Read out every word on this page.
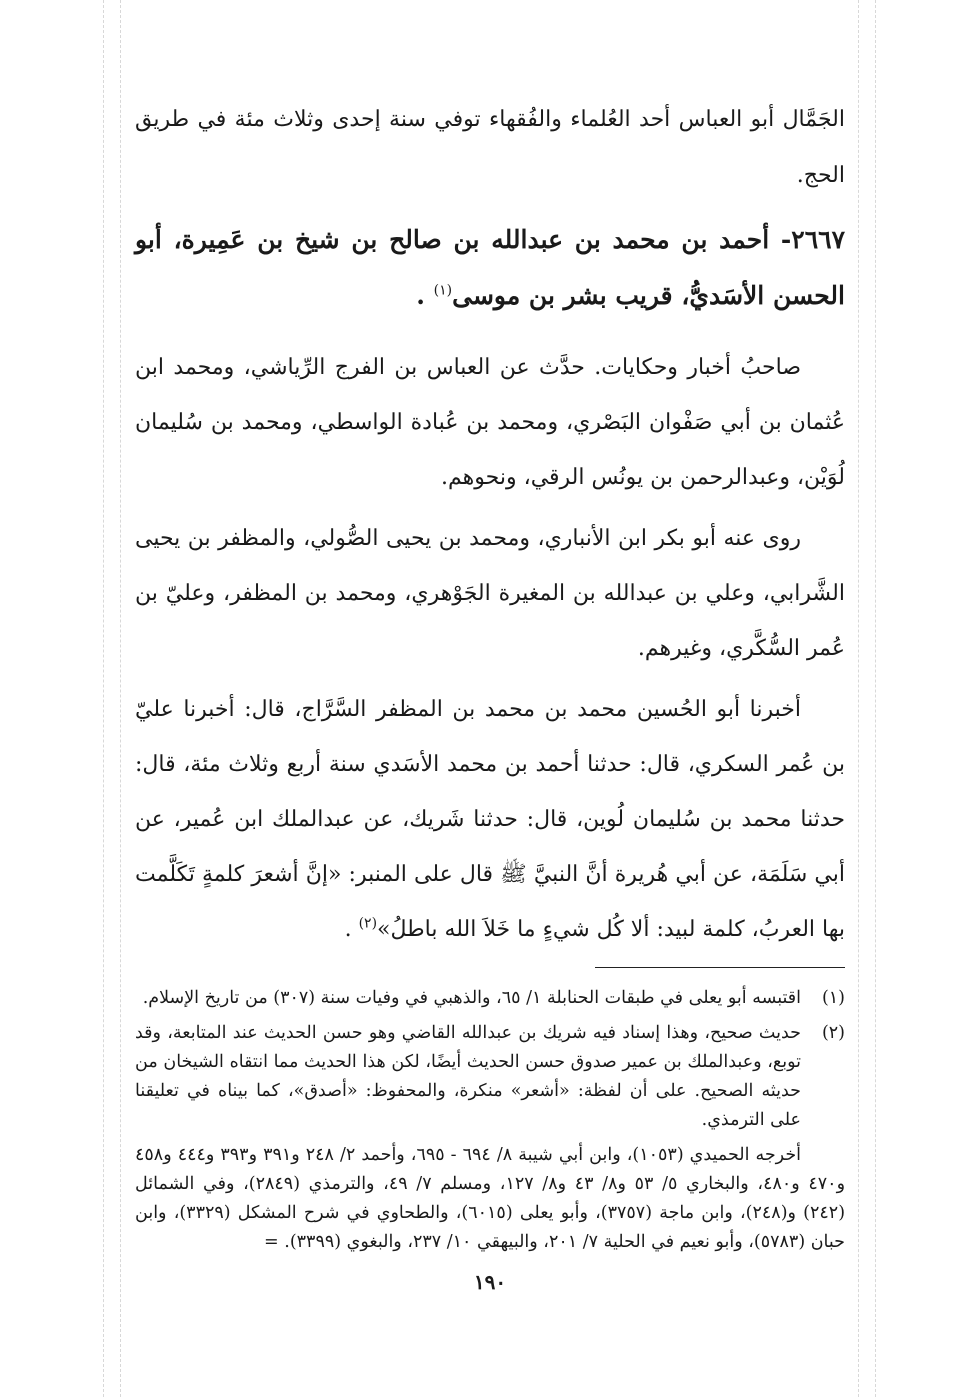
الجَمَّال أبو العباس أحد العُلماء والفُقهاء توفي سنة إحدى وثلاث مئة في طريق الحج.

٢٦٦٧- أحمد بن محمد بن عبدالله بن صالح بن شيخ بن عَمِيرة، أبو الحسن الأسَديُّ، قريب بشر بن موسى$^{(١)}$ .

صاحبُ أخبار وحكايات. حدَّث عن العباس بن الفرج الرِّياشي، ومحمد ابن عُثمان بن أبي صَفْوان البَصْري، ومحمد بن عُبادة الواسطي، ومحمد بن سُليمان لُوَيْن، وعبدالرحمن بن يونُس الرقي، ونحوهم.

روى عنه أبو بكر ابن الأنباري، ومحمد بن يحيى الصُّولي، والمظفر بن يحيى الشَّرابي، وعلي بن عبدالله بن المغيرة الجَوْهري، ومحمد بن المظفر، وعليّ بن عُمر السُّكَّري، وغيرهم.

أخبرنا أبو الحُسين محمد بن محمد بن المظفر السَّرَّاج، قال: أخبرنا عليّ بن عُمر السكري، قال: حدثنا أحمد بن محمد الأسَدي سنة أربع وثلاث مئة، قال: حدثنا محمد بن سُليمان لُوين، قال: حدثنا شَريك، عن عبدالملك ابن عُمير، عن أبي سَلَمَة، عن أبي هُريرة أنَّ النبيَّ ﷺ قال على المنبر: «إنَّ أشعرَ كلمةٍ تَكَلَّمت بها العربُ، كلمة لبيد: ألا كُل شيءٍ ما خَلاَ الله باطلُ»$^{(٢)}$ .

(١)
اقتبسه أبو يعلى في طبقات الحنابلة ١/ ٦٥، والذهبي في وفيات سنة (٣٠٧) من تاريخ الإسلام.
(٢)
حديث صحيح، وهذا إسناد فيه شريك بن عبدالله القاضي وهو حسن الحديث عند المتابعة، وقد توبع، وعبدالملك بن عمير صدوق حسن الحديث أيضًا، لكن هذا الحديث مما انتقاه الشيخان من حديثه الصحيح. على أن لفظة: «أشعر» منكرة، والمحفوظ: «أصدق»، كما بيناه في تعليقنا على الترمذي.

أخرجه الحميدي (١٠٥٣)، وابن أبي شيبة ٨/ ٦٩٤ - ٦٩٥، وأحمد ٢/ ٢٤٨ و٣٩١ و٣٩٣ و٤٤٤ و٤٥٨ و٤٧٠ و٤٨٠، والبخاري ٥/ ٥٣ و٨/ ٤٣ و٨/ ١٢٧، ومسلم ٧/ ٤٩، والترمذي (٢٨٤٩)، وفي الشمائل (٢٤٢) و(٢٤٨)، وابن ماجة (٣٧٥٧)، وأبو يعلى (٦٠١٥)، والطحاوي في شرح المشكل (٣٣٢٩)، وابن حبان (٥٧٨٣)، وأبو نعيم في الحلية ٧/ ٢٠١، والبيهقي ١٠/ ٢٣٧، والبغوي (٣٣٩٩). =

١٩٠
